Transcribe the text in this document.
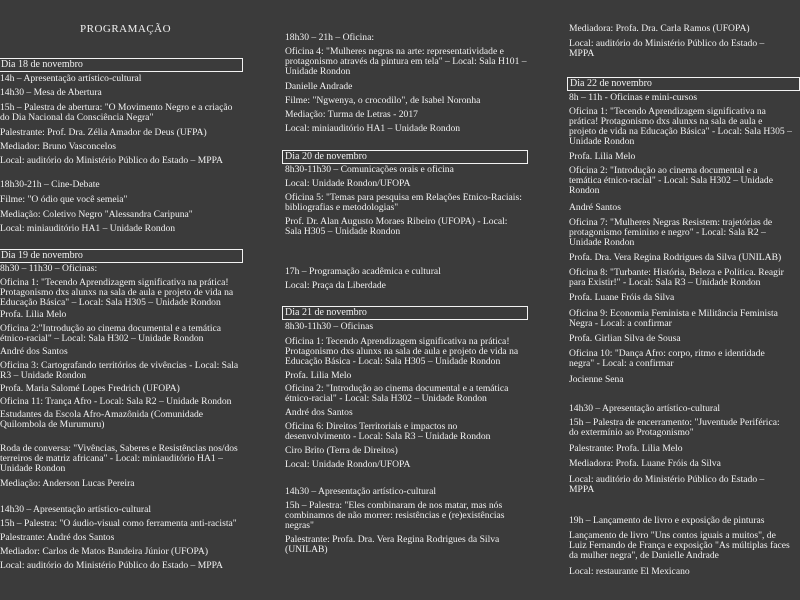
PROGRAMAÇÃO
Dia 18 de novembro
14h – Apresentação artístico-cultural
14h30 – Mesa de Abertura
15h – Palestra de abertura: "O Movimento Negro e a criação
do Dia Nacional da Consciência Negra"
Palestrante: Prof. Dra. Zélia Amador de Deus (UFPA)
Mediador: Bruno Vasconcelos
Local: auditório do Ministério Público do Estado – MPPA
18h30-21h – Cine-Debate
Filme: "O ódio que você semeia"
Mediação: Coletivo Negro "Alessandra Caripuna"
Local: miniauditório HA1 – Unidade Rondon
Dia 19 de novembro
8h30 – 11h30 – Oficinas:
Oficina 1: "Tecendo Aprendizagem significativa na prática!
Protagonismo dxs alunxs na sala de aula e projeto de vida na
Educação Básica" – Local: Sala H305 – Unidade Rondon
Profa. Lilia Melo
Oficina 2:"Introdução ao cinema documental e a temática
étnico-racial" – Local: Sala H302 – Unidade Rondon
André dos Santos
Oficina 3: Cartografando territórios de vivências - Local: Sala
R3 – Unidade Rondon
Profa. Maria Salomé Lopes Fredrich (UFOPA)
Oficina 11: Trança Afro - Local: Sala R2 – Unidade Rondon
Estudantes da Escola Afro-Amazônida (Comunidade
Quilombola de Murumuru)
Roda de conversa: "Vivências, Saberes e Resistências nos/dos
terreiros de matriz africana" - Local: miniauditório HA1 –
Unidade Rondon
Mediação: Anderson Lucas Pereira
14h30 – Apresentação artístico-cultural
15h – Palestra: "O áudio-visual como ferramenta anti-racista"
Palestrante: André dos Santos
Mediador: Carlos de Matos Bandeira Júnior (UFOPA)
Local: auditório do Ministério Público do Estado – MPPA
18h30 – 21h – Oficina:
Oficina 4: "Mulheres negras na arte: representatividade e
protagonismo através da pintura em tela" – Local: Sala H101 –
Unidade Rondon
Danielle Andrade
Filme: "Ngwenya, o crocodilo", de Isabel Noronha
Mediação: Turma de Letras - 2017
Local: miniauditório HA1 – Unidade Rondon
Dia 20 de novembro
8h30-11h30 – Comunicações orais e oficina
Local: Unidade Rondon/UFOPA
Oficina 5: "Temas para pesquisa em Relações Étnico-Raciais:
bibliografias e metodologias"
Prof. Dr. Alan Augusto Moraes Ribeiro (UFOPA) - Local:
Sala H305 – Unidade Rondon
17h – Programação acadêmica e cultural
Local: Praça da Liberdade
Dia 21 de novembro
8h30-11h30 – Oficinas
Oficina 1: Tecendo Aprendizagem significativa na prática!
Protagonismo dxs alunxs na sala de aula e projeto de vida na
Educação Básica - Local: Sala H305 – Unidade Rondon
Profa. Lilia Melo
Oficina 2: "Introdução ao cinema documental e a temática
étnico-racial" - Local: Sala H302 – Unidade Rondon
André dos Santos
Oficina 6: Direitos Territoriais e impactos no
desenvolvimento - Local: Sala R3 – Unidade Rondon
Ciro Brito (Terra de Direitos)
Local: Unidade Rondon/UFOPA
14h30 – Apresentação artístico-cultural
15h – Palestra: "Eles combinaram de nos matar, mas nós
combinamos de não morrer: resistências e (re)existências
negras"
Palestrante: Profa. Dra. Vera Regina Rodrigues da Silva
(UNILAB)
Mediadora: Profa. Dra. Carla Ramos (UFOPA)
Local: auditório do Ministério Público do Estado –
MPPA
Dia 22 de novembro
8h – 11h - Oficinas e mini-cursos
Oficina 1: "Tecendo Aprendizagem significativa na
prática! Protagonismo dxs alunxs na sala de aula e
projeto de vida na Educação Básica" - Local: Sala H305 –
Unidade Rondon
Profa. Lilia Melo
Oficina 2: "Introdução ao cinema documental e a
temática étnico-racial" - Local: Sala H302 – Unidade
Rondon
André Santos
Oficina 7: "Mulheres Negras Resistem: trajetórias de
protagonismo feminino e negro" - Local: Sala R2 –
Unidade Rondon
Profa. Dra. Vera Regina Rodrigues da Silva (UNILAB)
Oficina 8: "Turbante: História, Beleza e Política. Reagir
para Existir!" - Local: Sala R3 – Unidade Rondon
Profa. Luane Fróis da Silva
Oficina 9: Economia Feminista e Militância Feminista
Negra - Local: a confirmar
Profa. Girlian Silva de Sousa
Oficina 10: "Dança Afro: corpo, ritmo e identidade
negra" - Local: a confirmar
Jocienne Sena
14h30 – Apresentação artístico-cultural
15h – Palestra de encerramento: "Juventude Periférica:
do extermínio ao Protagonismo"
Palestrante: Profa. Lilia Melo
Mediadora: Profa. Luane Fróis da Silva
Local: auditório do Ministério Público do Estado –
MPPA
19h – Lançamento de livro e exposição de pinturas
Lançamento de livro "Uns contos iguais a muitos", de
Luiz Fernando de França e exposição "As múltiplas faces
da mulher negra", de Danielle Andrade
Local: restaurante El Mexicano
